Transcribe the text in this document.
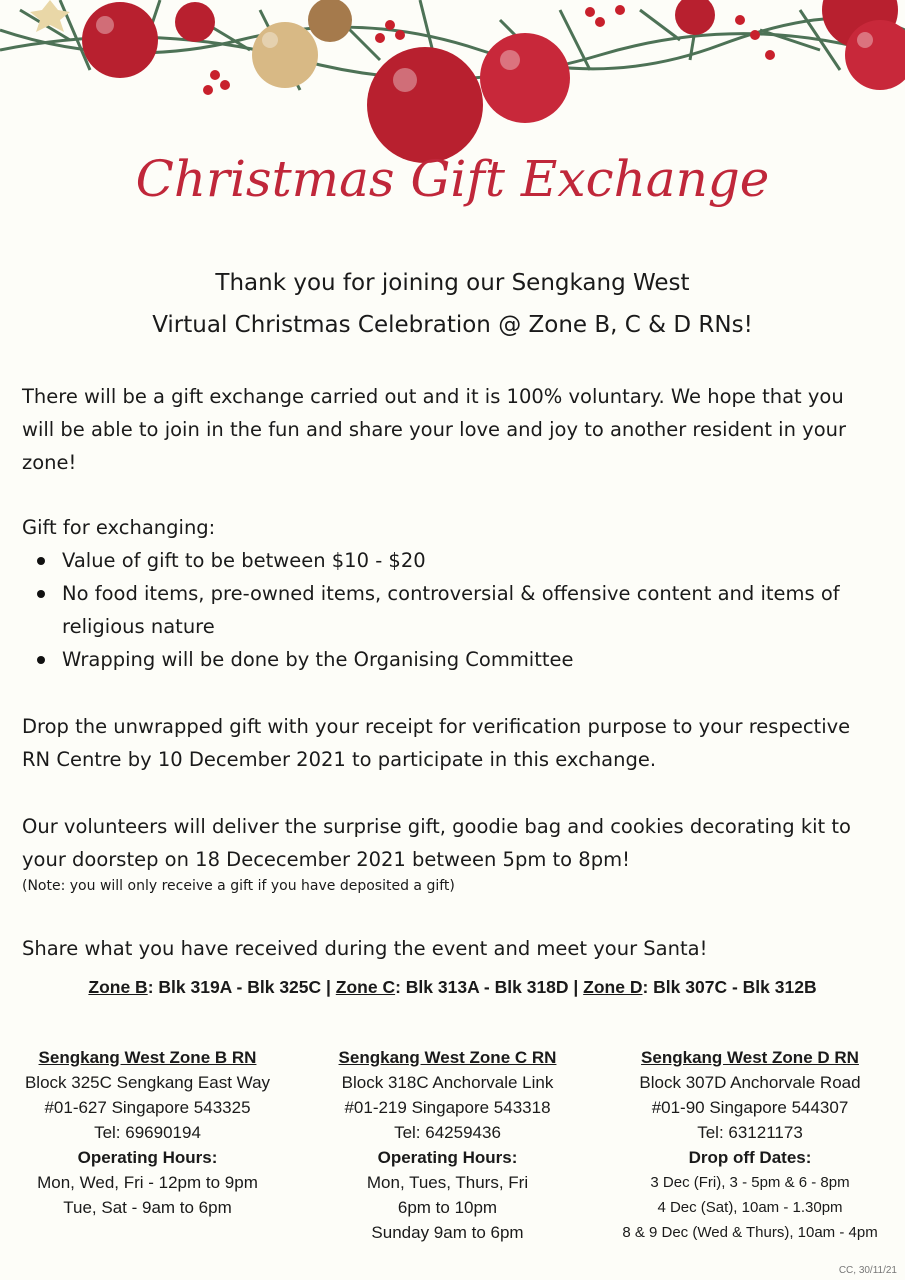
Christmas Gift Exchange
Thank you for joining our Sengkang West
Virtual Christmas Celebration @ Zone B, C & D RNs!
There will be a gift exchange carried out and it is 100% voluntary. We hope that you will be able to join in the fun and share your love and joy to another resident in your zone!
Gift for exchanging:
Value of gift to be between $10 - $20
No food items, pre-owned items, controversial & offensive content and items of religious nature
Wrapping will be done by the Organising Committee
Drop the unwrapped gift with your receipt for verification purpose to your respective RN Centre by 10 December 2021 to participate in this exchange.
Our volunteers will deliver the surprise gift, goodie bag and cookies decorating kit to your doorstep on 18 Dececember 2021 between 5pm to 8pm!
(Note: you will only receive a gift if you have deposited a gift)
Share what you have received during the event and meet your Santa!
Zone B: Blk 319A - Blk 325C | Zone C: Blk 313A - Blk 318D | Zone D: Blk 307C - Blk 312B
Sengkang West Zone B RN
Block 325C Sengkang East Way
#01-627 Singapore 543325
Tel: 69690194
Operating Hours:
Mon, Wed, Fri - 12pm to 9pm
Tue, Sat - 9am to 6pm
Sengkang West Zone C RN
Block 318C Anchorvale Link
#01-219 Singapore 543318
Tel: 64259436
Operating Hours:
Mon, Tues, Thurs, Fri
6pm to 10pm
Sunday 9am to 6pm
Sengkang West Zone D RN
Block 307D Anchorvale Road
#01-90 Singapore 544307
Tel: 63121173
Drop off Dates:
3 Dec (Fri), 3 - 5pm & 6 - 8pm
4 Dec (Sat), 10am - 1.30pm
8 & 9 Dec (Wed & Thurs), 10am - 4pm
CC, 30/11/21
